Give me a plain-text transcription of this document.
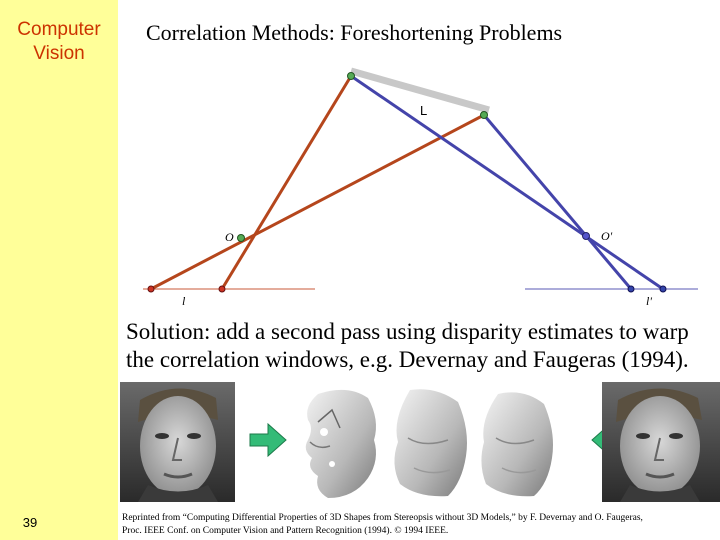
Computer
Vision
39
Correlation Methods: Foreshortening Problems
L
O	O'
l	l'
Solution: add a second pass using disparity estimates to warp
the correlation windows, e.g. Devernay and Faugeras (1994).
Reprinted from “Computing Differential Properties of 3D Shapes from Stereopsis without 3D Models,” by F. Devernay and O. Faugeras,
Proc. IEEE Conf. on Computer Vision and Pattern Recognition (1994). © 1994 IEEE.
